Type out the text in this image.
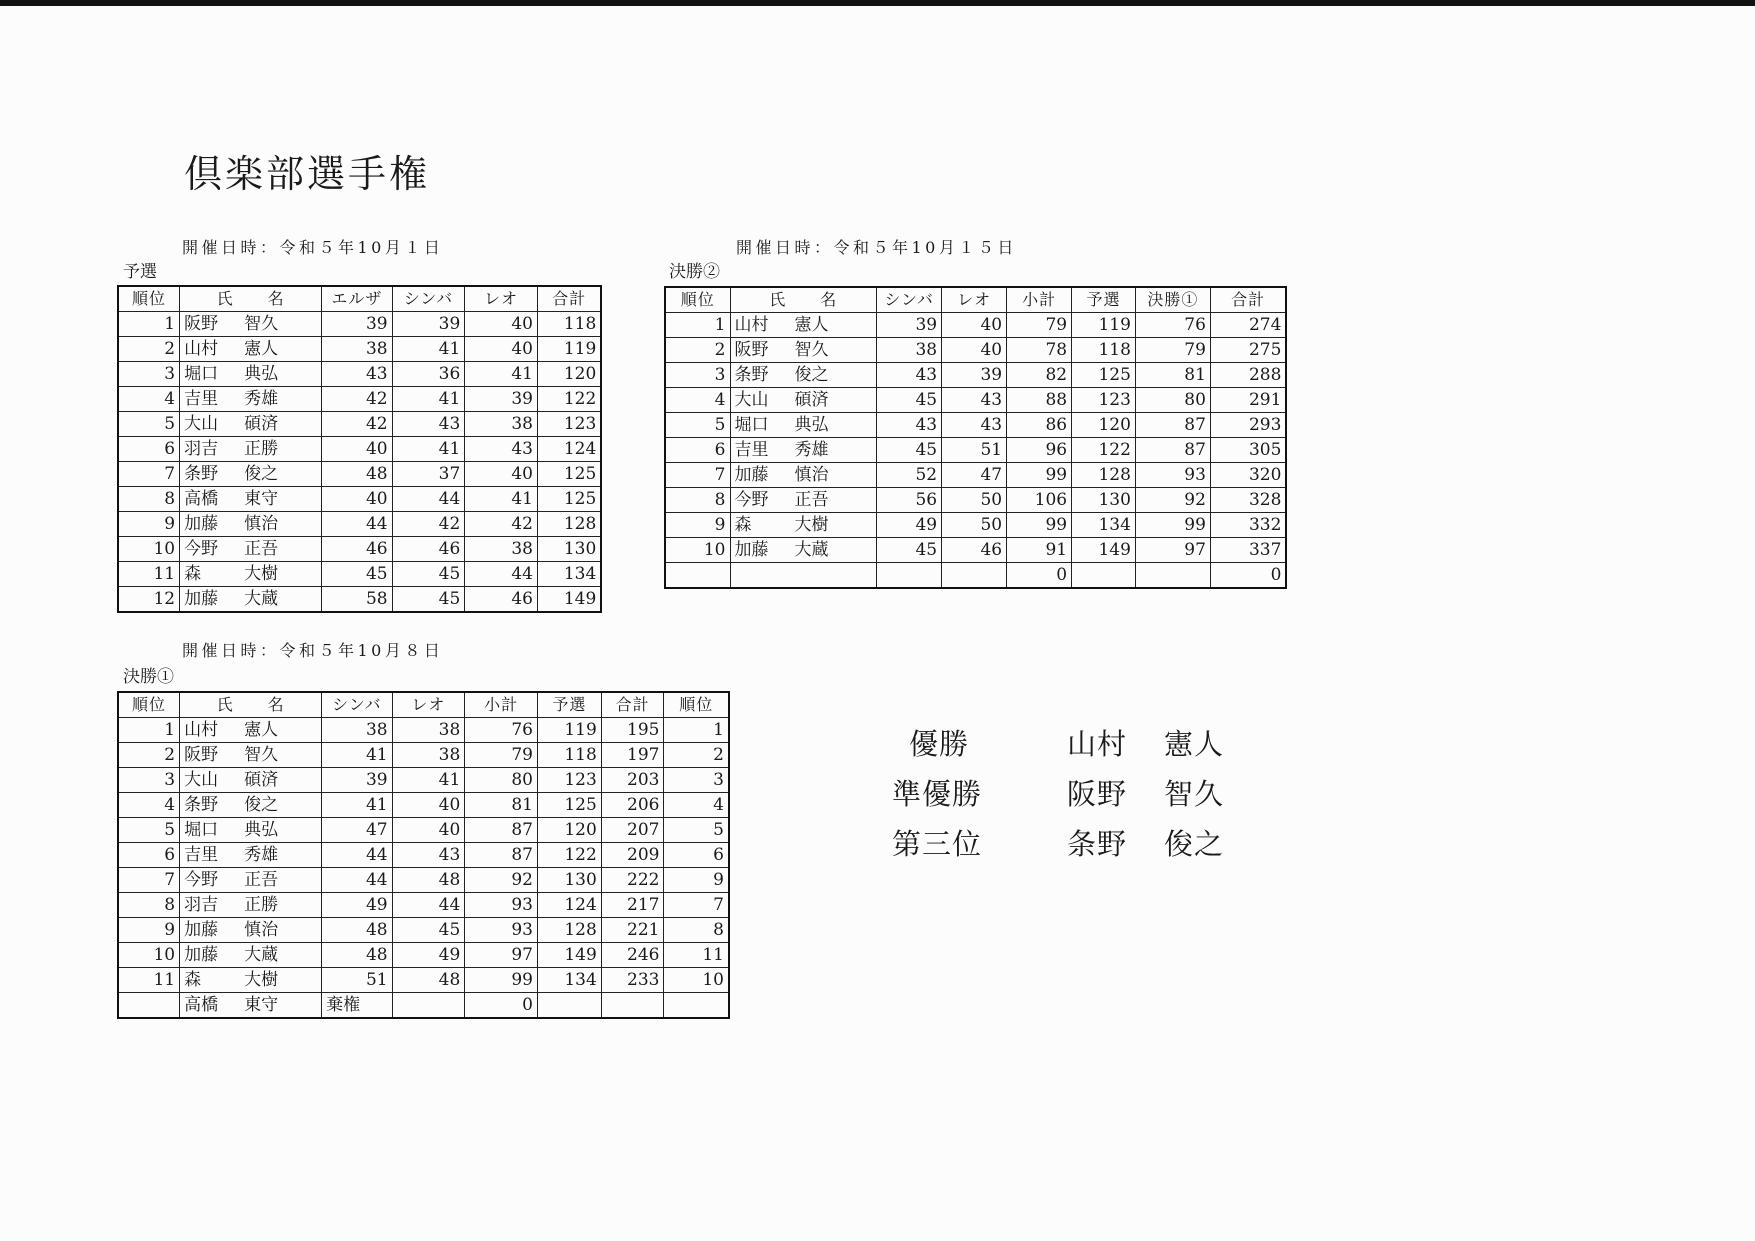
倶楽部選手権
開催日時：令和５年10月１日
予選
順位	氏　　名	エルザ	シンバ	レオ	合計
1	阪野 智久	39	39	40	118
2	山村 憲人	38	41	40	119
3	堀口 典弘	43	36	41	120
4	吉里 秀雄	42	41	39	122
5	大山 碩済	42	43	38	123
6	羽吉 正勝	40	41	43	124
7	条野 俊之	48	37	40	125
8	高橋 東守	40	44	41	125
9	加藤 慎治	44	42	42	128
10	今野 正吾	46	46	38	130
11	森 大樹	45	45	44	134
12	加藤 大蔵	58	45	46	149
開催日時：令和５年10月１５日
決勝②
順位	氏　　名	シンバ	レオ	小計	予選	決勝①	合計
1	山村 憲人	39	40	79	119	76	274
2	阪野 智久	38	40	78	118	79	275
3	条野 俊之	43	39	82	125	81	288
4	大山 碩済	45	43	88	123	80	291
5	堀口 典弘	43	43	86	120	87	293
6	吉里 秀雄	45	51	96	122	87	305
7	加藤 慎治	52	47	99	128	93	320
8	今野 正吾	56	50	106	130	92	328
9	森 大樹	49	50	99	134	99	332
10	加藤 大蔵	45	46	91	149	97	337
				0			0
開催日時：令和５年10月８日
決勝①
順位	氏　　名	シンバ	レオ	小計	予選	合計	順位
1	山村 憲人	38	38	76	119	195	1
2	阪野 智久	41	38	79	118	197	2
3	大山 碩済	39	41	80	123	203	3
4	条野 俊之	41	40	81	125	206	4
5	堀口 典弘	47	40	87	120	207	5
6	吉里 秀雄	44	43	87	122	209	6
7	今野 正吾	44	48	92	130	222	9
8	羽吉 正勝	49	44	93	124	217	7
9	加藤 慎治	48	45	93	128	221	8
10	加藤 大蔵	48	49	97	149	246	11
11	森 大樹	51	48	99	134	233	10
	高橋 東守	棄権		0			
優勝	山村 憲人
準優勝	阪野 智久
第三位	条野 俊之
